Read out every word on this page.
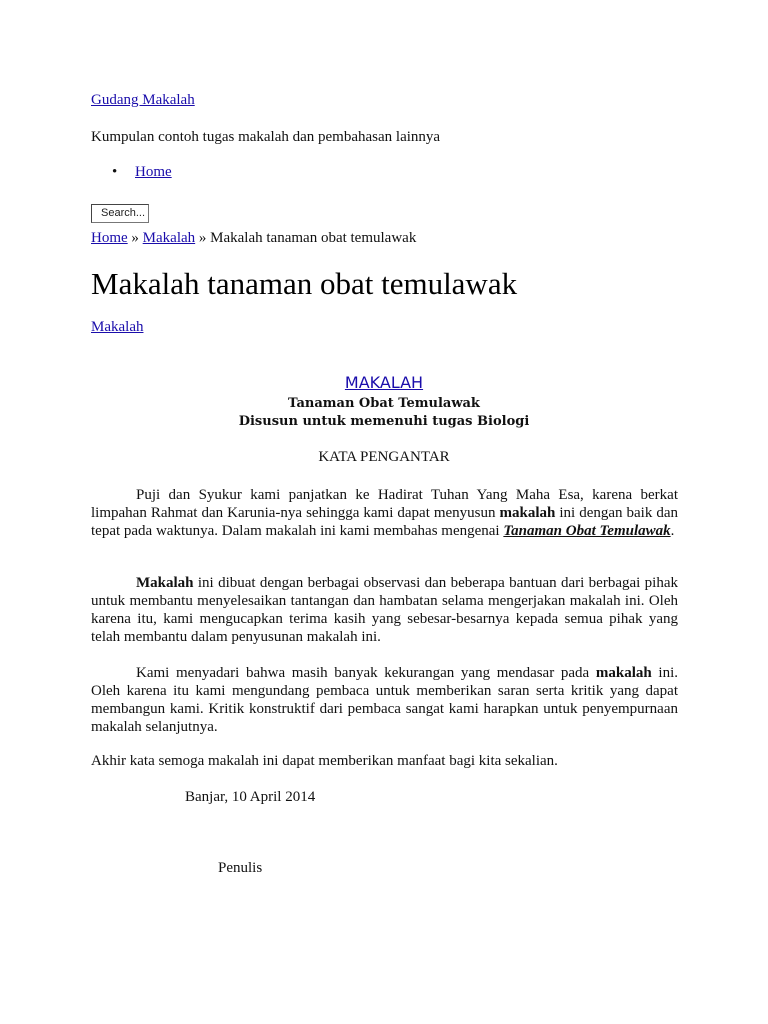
Gudang Makalah
Kumpulan contoh tugas makalah dan pembahasan lainnya
• Home
Search...
Home » Makalah » Makalah tanaman obat temulawak
Makalah tanaman obat temulawak
Makalah
MAKALAH
Tanaman Obat Temulawak
Disusun untuk memenuhi tugas Biologi
KATA PENGANTAR
Puji dan Syukur kami panjatkan ke Hadirat Tuhan Yang Maha Esa, karena berkat limpahan Rahmat dan Karunia-nya sehingga kami dapat menyusun makalah ini dengan baik dan tepat pada waktunya. Dalam makalah ini kami membahas mengenai Tanaman Obat Temulawak.
Makalah ini dibuat dengan berbagai observasi dan beberapa bantuan dari berbagai pihak untuk membantu menyelesaikan tantangan dan hambatan selama mengerjakan makalah ini. Oleh karena itu, kami mengucapkan terima kasih yang sebesar-besarnya kepada semua pihak yang telah membantu dalam penyusunan makalah ini.
Kami menyadari bahwa masih banyak kekurangan yang mendasar pada makalah ini. Oleh karena itu kami mengundang pembaca untuk memberikan saran serta kritik yang dapat membangun kami. Kritik konstruktif dari pembaca sangat kami harapkan untuk penyempurnaan makalah selanjutnya.
Akhir kata semoga makalah ini dapat memberikan manfaat bagi kita sekalian.
Banjar, 10 April 2014
Penulis
